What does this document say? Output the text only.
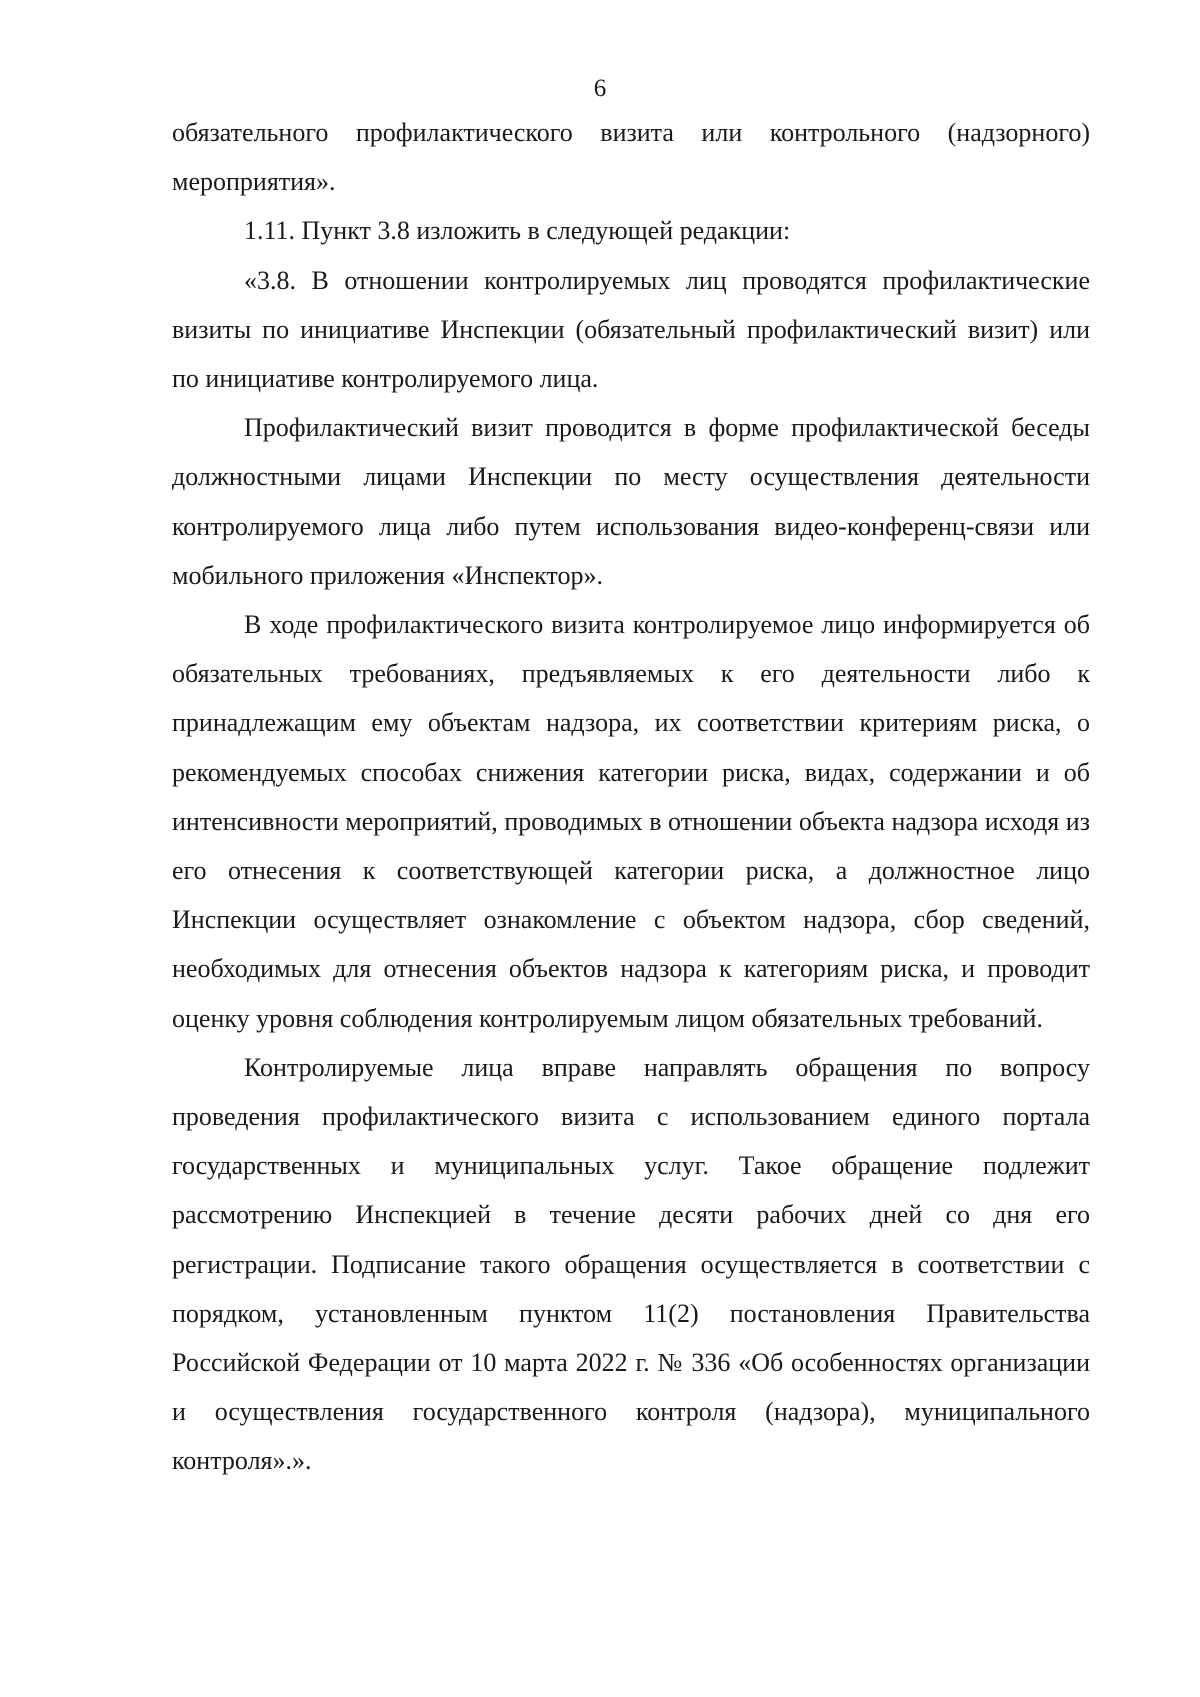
6

обязательного профилактического визита или контрольного (надзорного) мероприятия».

1.11. Пункт 3.8 изложить в следующей редакции:

«3.8. В отношении контролируемых лиц проводятся профилактические визиты по инициативе Инспекции (обязательный профилактический визит) или по инициативе контролируемого лица.

Профилактический визит проводится в форме профилактической беседы должностными лицами Инспекции по месту осуществления деятельности контролируемого лица либо путем использования видео-конференц-связи или мобильного приложения «Инспектор».

В ходе профилактического визита контролируемое лицо информируется об обязательных требованиях, предъявляемых к его деятельности либо к принадлежащим ему объектам надзора, их соответствии критериям риска, о рекомендуемых способах снижения категории риска, видах, содержании и об интенсивности мероприятий, проводимых в отношении объекта надзора исходя из его отнесения к соответствующей категории риска, а должностное лицо Инспекции осуществляет ознакомление с объектом надзора, сбор сведений, необходимых для отнесения объектов надзора к категориям риска, и проводит оценку уровня соблюдения контролируемым лицом обязательных требований.

Контролируемые лица вправе направлять обращения по вопросу проведения профилактического визита с использованием единого портала государственных и муниципальных услуг. Такое обращение подлежит рассмотрению Инспекцией в течение десяти рабочих дней со дня его регистрации. Подписание такого обращения осуществляется в соответствии с порядком, установленным пунктом 11(2) постановления Правительства Российской Федерации от 10 марта 2022 г. № 336 «Об особенностях организации и осуществления государственного контроля (надзора), муниципального контроля».».
